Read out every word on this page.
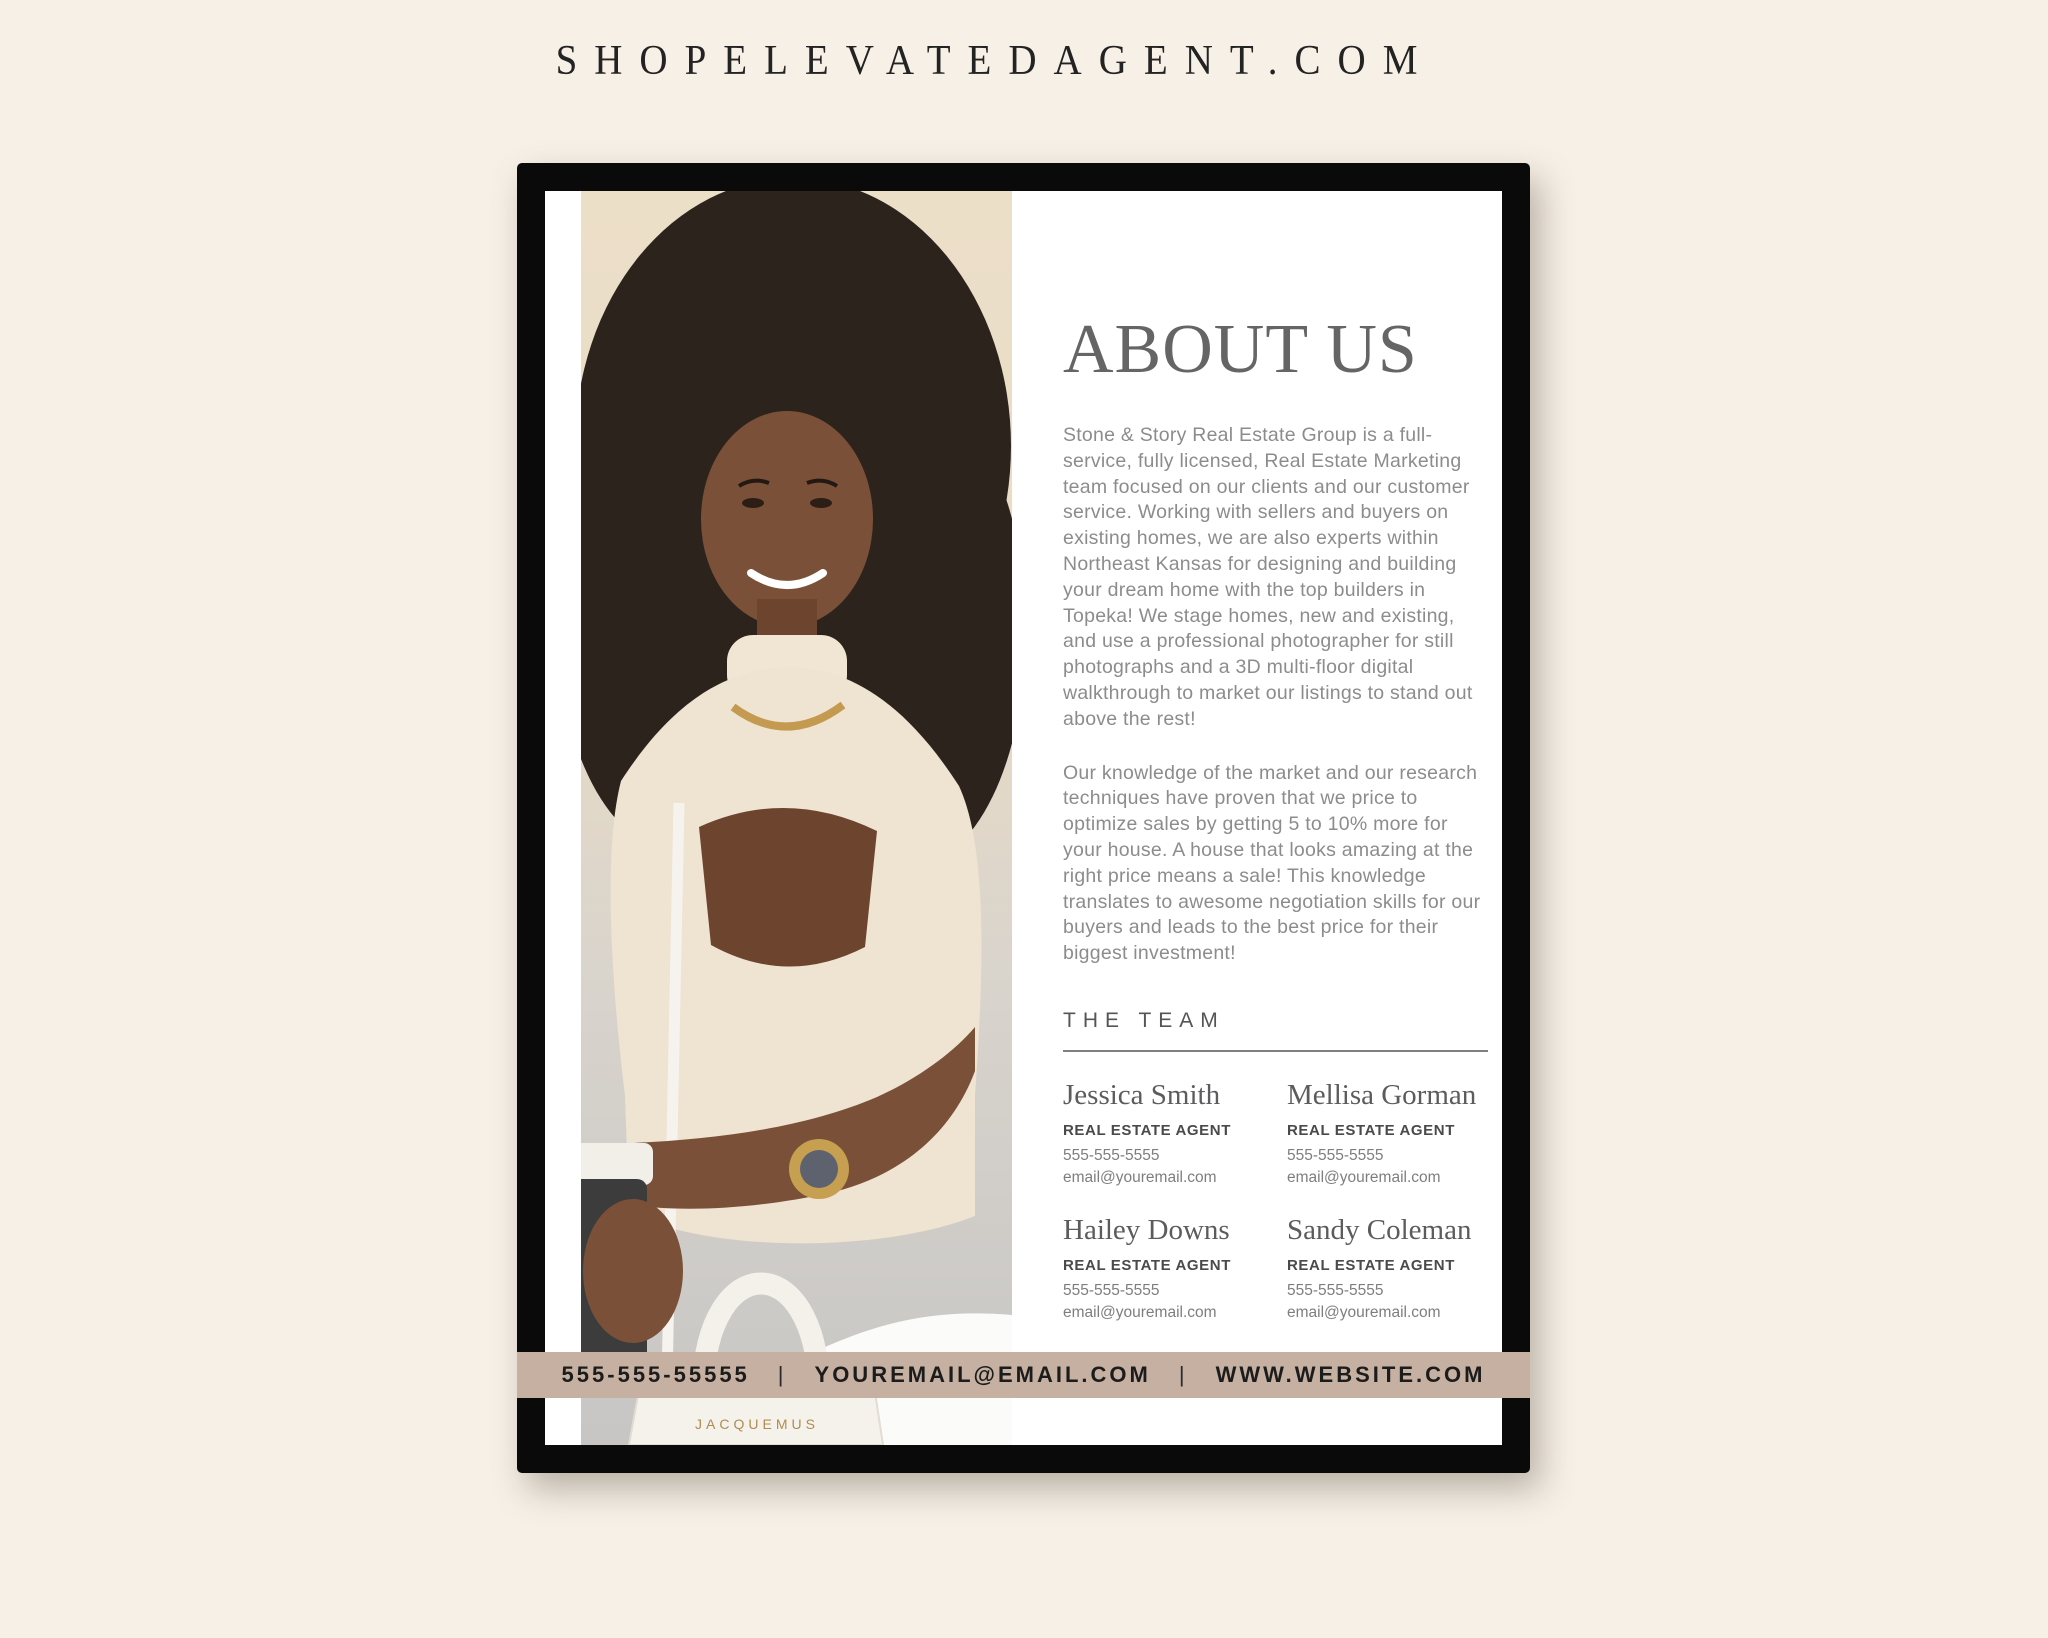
SHOPELEVATEDAGENT.COM
JACQUEMUS
ABOUT US

Stone & Story Real Estate Group is a full-service, fully licensed, Real Estate Marketing team focused on our clients and our customer service. Working with sellers and buyers on existing homes, we are also experts within Northeast Kansas for designing and building your dream home with the top builders in Topeka! We stage homes, new and existing, and use a professional photographer for still photographs and a 3D multi-floor digital walkthrough to market our listings to stand out above the rest!

Our knowledge of the market and our research techniques have proven that we price to optimize sales by getting 5 to 10% more for your house. A house that looks amazing at the right price means a sale! This knowledge translates to awesome negotiation skills for our buyers and leads to the best price for their biggest investment!

THE TEAM
Jessica Smith
REAL ESTATE AGENT
555-555-5555
email@youremail.com
Mellisa Gorman
REAL ESTATE AGENT
555-555-5555
email@youremail.com
Hailey Downs
REAL ESTATE AGENT
555-555-5555
email@youremail.com
Sandy Coleman
REAL ESTATE AGENT
555-555-5555
email@youremail.com
555-555-55555 | YOUREMAIL@EMAIL.COM | WWW.WEBSITE.COM
